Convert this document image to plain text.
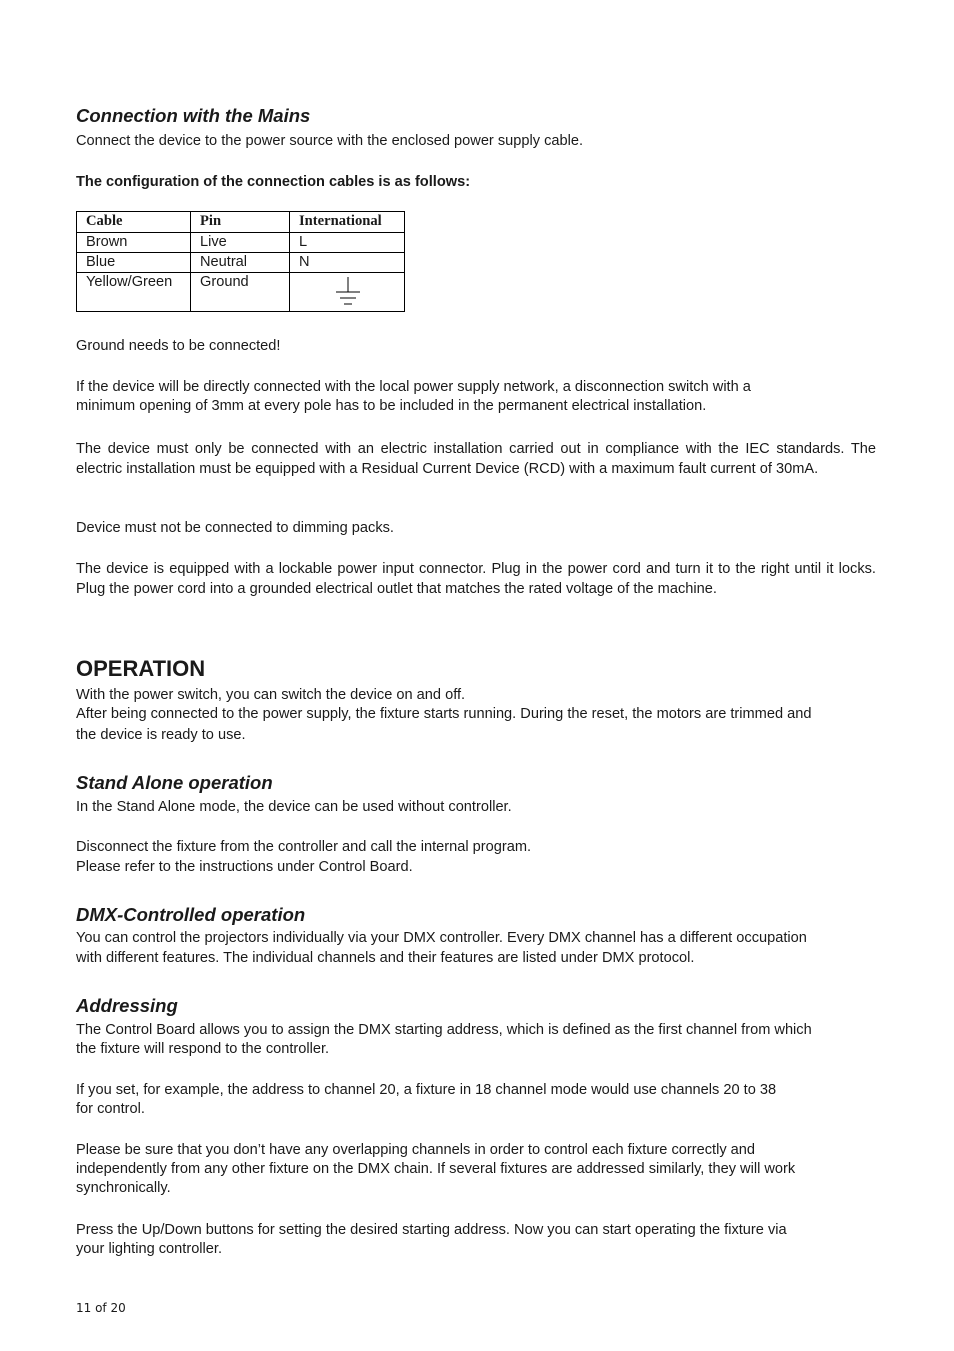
Connection with the Mains

Connect the device to the power source with the enclosed power supply cable.

The configuration of the connection cables is as follows:

Cable	Pin	International
Brown	Live	L
Blue	Neutral	N
Yellow/Green	Ground	

Ground needs to be connected!

If the device will be directly connected with the local power supply network, a disconnection switch with a

minimum opening of 3mm at every pole has to be included in the permanent electrical installation.

The device must only be connected with an electric installation carried out in compliance with the IEC standards. The electric installation must be equipped with a Residual Current Device (RCD) with a maximum fault current of 30mA.

Device must not be connected to dimming packs.

The device is equipped with a lockable power input connector. Plug in the power cord and turn it to the right until it locks. Plug the power cord into a grounded electrical outlet that matches the rated voltage of the machine.

OPERATION

With the power switch, you can switch the device on and off.

After being connected to the power supply, the fixture starts running. During the reset, the motors are trimmed and

the device is ready to use.

Stand Alone operation

In the Stand Alone mode, the device can be used without controller.

Disconnect the fixture from the controller and call the internal program.

Please refer to the instructions under Control Board.

DMX-Controlled operation

You can control the projectors individually via your DMX controller. Every DMX channel has a different occupation

with different features. The individual channels and their features are listed under DMX protocol.

Addressing

The Control Board allows you to assign the DMX starting address, which is defined as the first channel from which

the fixture will respond to the controller.

If you set, for example, the address to channel 20, a fixture in 18 channel mode would use channels 20 to 38

for control.

Please be sure that you don’t have any overlapping channels in order to control each fixture correctly and

independently from any other fixture on the DMX chain. If several fixtures are addressed similarly, they will work

synchronically.

Press the Up/Down buttons for setting the desired starting address. Now you can start operating the fixture via

your lighting controller.

11 of 20
